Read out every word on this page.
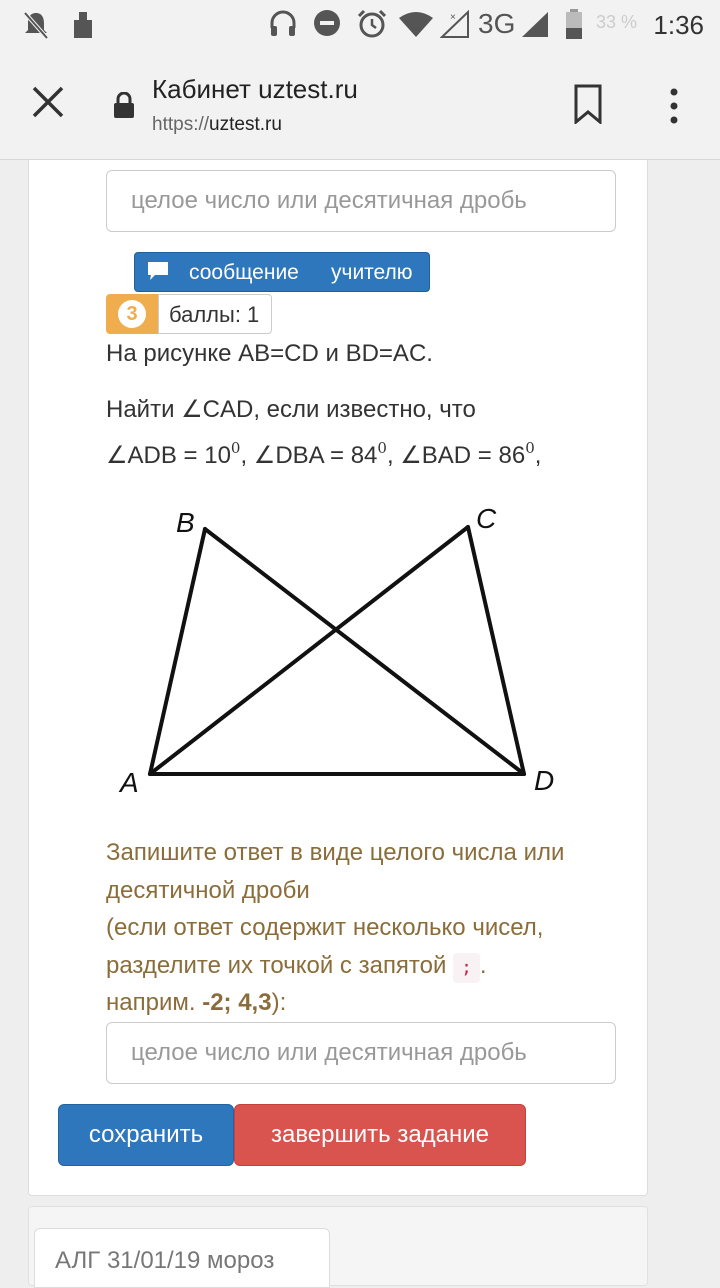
× 3G	33 % 1:36
Кабинет uztest.ru
https://uztest.ru
целое число или десятичная дробь
сообщение учителю
3	баллы: 1
На рисунке AB=CD и BD=AC.
Найти ∠CAD, если известно, что
∠ADB = $10^0$, ∠DBA = $84^0$, ∠BAD = $86^0$,
B	C
A	D
Запишите ответ в виде целого числа или десятичной дроби
(если ответ содержит несколько чисел, разделите их точкой с запятой ; .
наприм. -2; 4,3):
целое число или десятичная дробь
сохранить	завершить задание
АЛГ 31/01/19 мороз
